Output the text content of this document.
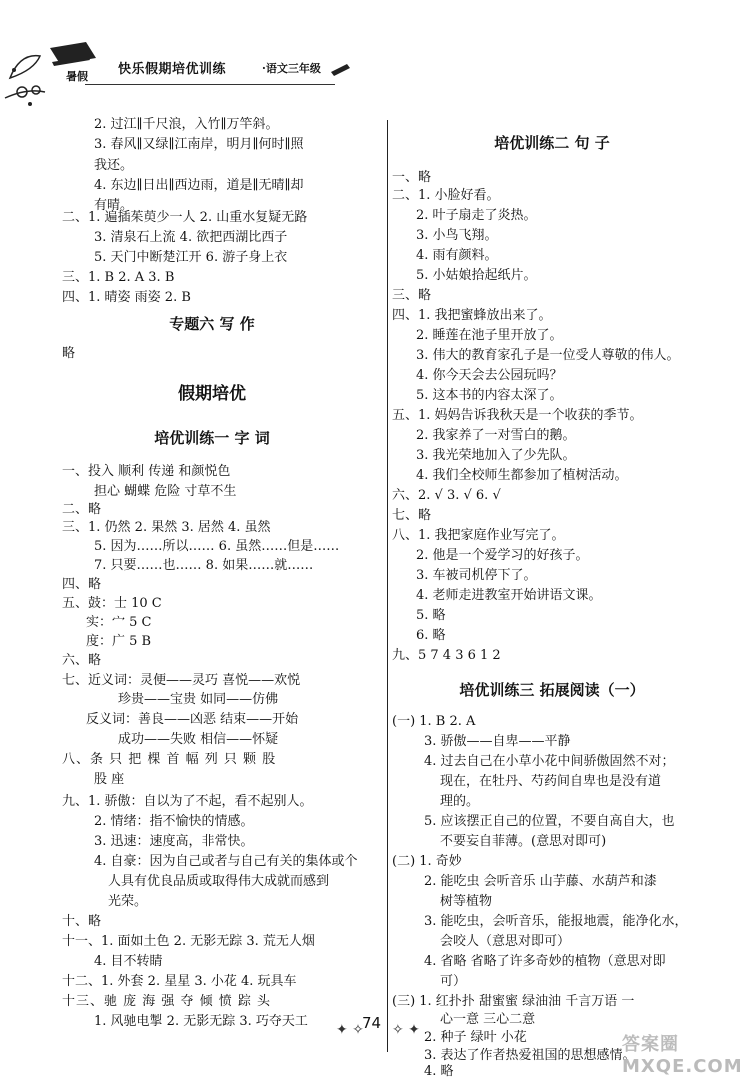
暑假 快乐假期培优训练	·语文三年级
2. 过江∥千尺浪，入竹∥万竿斜。
3. 春风∥又绿∥江南岸，明月∥何时∥照
我还。
4. 东边∥日出∥西边雨，道是∥无晴∥却
有晴。
二、1. 遍插茱萸少一人 2. 山重水复疑无路
3. 清泉石上流 4. 欲把西湖比西子
5. 天门中断楚江开 6. 游子身上衣
三、1. B 2. A 3. B
四、1. 晴姿 雨姿 2. B
专题六 写 作
略
假期培优
培优训练一 字 词
一、投入 顺利 传递 和颜悦色
担心 蝴蝶 危险 寸草不生
二、略
三、1. 仍然 2. 果然 3. 居然 4. 虽然
5. 因为……所以…… 6. 虽然……但是……
7. 只要……也…… 8. 如果……就……
四、略
五、鼓：士 10 C
实：宀 5 C
度：广 5 B
六、略
七、近义词：灵便——灵巧 喜悦——欢悦
珍贵——宝贵 如同——仿佛
反义词：善良——凶恶 结束——开始
成功——失败 相信——怀疑
八、条 只 把 棵 首 幅 列 只 颗 股
股 座
九、1. 骄傲：自以为了不起，看不起别人。
2. 情绪：指不愉快的情感。
3. 迅速：速度高，非常快。
4. 自豪：因为自己或者与自己有关的集体或个
人具有优良品质或取得伟大成就而感到
光荣。
十、略
十一、1. 面如土色 2. 无影无踪 3. 荒无人烟
4. 目不转睛
十二、1. 外套 2. 星星 3. 小花 4. 玩具车
十三、驰 庞 海 强 夺 倾 愤 踪 头
1. 风驰电掣 2. 无影无踪 3. 巧夺天工
培优训练二 句 子
一、略
二、1. 小脸好看。
2. 叶子扇走了炎热。
3. 小鸟飞翔。
4. 雨有颜料。
5. 小姑娘拾起纸片。
三、略
四、1. 我把蜜蜂放出来了。
2. 睡莲在池子里开放了。
3. 伟大的教育家孔子是一位受人尊敬的伟人。
4. 你今天会去公园玩吗？
5. 这本书的内容太深了。
五、1. 妈妈告诉我秋天是一个收获的季节。
2. 我家养了一对雪白的鹅。
3. 我光荣地加入了少先队。
4. 我们全校师生都参加了植树活动。
六、2. √ 3. √ 6. √
七、略
八、1. 我把家庭作业写完了。
2. 他是一个爱学习的好孩子。
3. 车被司机停下了。
4. 老师走进教室开始讲语文课。
5. 略
6. 略
九、5 7 4 3 6 1 2
培优训练三 拓展阅读（一）
(一) 1. B 2. A
3. 骄傲——自卑——平静
4. 过去自己在小草小花中间骄傲固然不对；
现在，在牡丹、芍药间自卑也是没有道
理的。
5. 应该摆正自己的位置，不要自高自大，也
不要妄自菲薄。(意思对即可)
(二) 1. 奇妙
2. 能吃虫 会听音乐 山芋藤、水葫芦和漆
树等植物
3. 能吃虫，会听音乐，能报地震，能净化水，
会咬人（意思对即可）
4. 省略 省略了许多奇妙的植物（意思对即
可）
(三) 1. 红扑扑 甜蜜蜜 绿油油 千言万语 一
心一意 三心二意
2. 种子 绿叶 小花
3. 表达了作者热爱祖国的思想感情。
4. 略
✦ ✧
74 ✧ ✦
答案圈 MXQE.COM
